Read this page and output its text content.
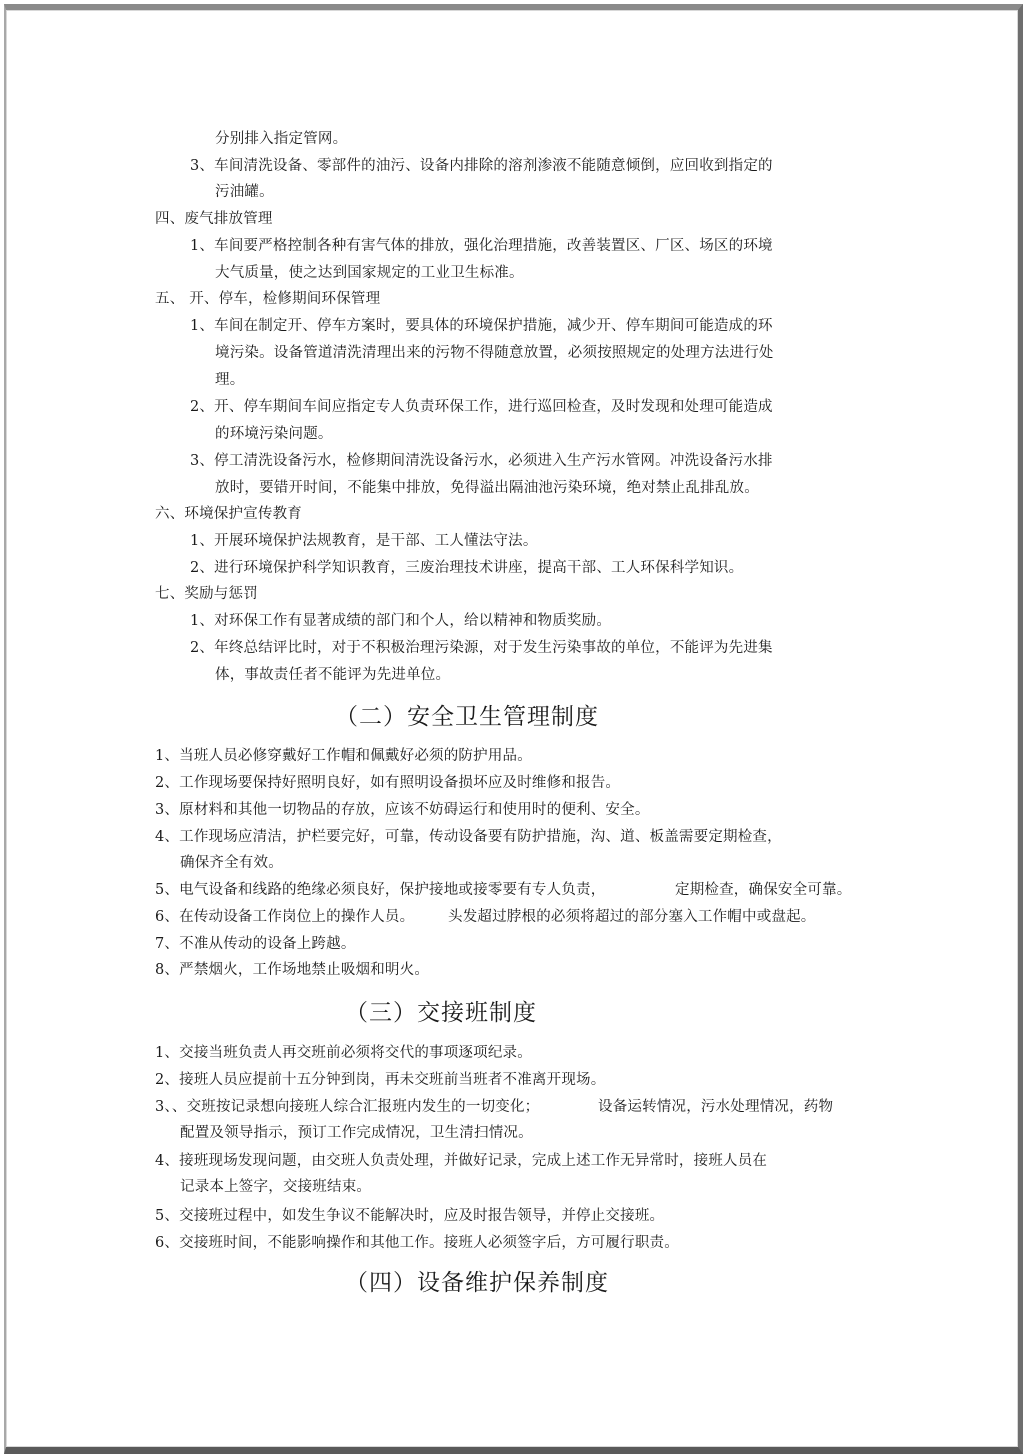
分别排入指定管网。
3、车间清洗设备、零部件的油污、设备内排除的溶剂渗液不能随意倾倒，应回收到指定的
污油罐。
四、废气排放管理
1、车间要严格控制各种有害气体的排放，强化治理措施，改善装置区、厂区、场区的环境
大气质量，使之达到国家规定的工业卫生标准。
五、 开、停车，检修期间环保管理
1、车间在制定开、停车方案时，要具体的环境保护措施，减少开、停车期间可能造成的环
境污染。设备管道清洗清理出来的污物不得随意放置，必须按照规定的处理方法进行处
理。
2、开、停车期间车间应指定专人负责环保工作，进行巡回检查，及时发现和处理可能造成
的环境污染问题。
3、停工清洗设备污水，检修期间清洗设备污水，必须进入生产污水管网。冲洗设备污水排
放时，要错开时间，不能集中排放，免得溢出隔油池污染环境，绝对禁止乱排乱放。
六、环境保护宣传教育
1、开展环境保护法规教育，是干部、工人懂法守法。
2、进行环境保护科学知识教育，三废治理技术讲座，提高干部、工人环保科学知识。
七、奖励与惩罚
1、对环保工作有显著成绩的部门和个人，给以精神和物质奖励。
2、年终总结评比时，对于不积极治理污染源，对于发生污染事故的单位，不能评为先进集
体，事故责任者不能评为先进单位。
（二）安全卫生管理制度
1、当班人员必修穿戴好工作帽和佩戴好必须的防护用品。
2、工作现场要保持好照明良好，如有照明设备损坏应及时维修和报告。
3、原材料和其他一切物品的存放，应该不妨碍运行和使用时的便利、安全。
4、工作现场应清洁，护栏要完好，可靠，传动设备要有防护措施，沟、道、板盖需要定期检查，
确保齐全有效。
5、电气设备和线路的绝缘必须良好，保护接地或接零要有专人负责，	定期检查，确保安全可靠。
6、在传动设备工作岗位上的操作人员。 头发超过脖根的必须将超过的部分塞入工作帽中或盘起。
7、不准从传动的设备上跨越。
8、严禁烟火，工作场地禁止吸烟和明火。
（三）交接班制度
1、交接当班负责人再交班前必须将交代的事项逐项纪录。
2、接班人员应提前十五分钟到岗，再未交班前当班者不准离开现场。
3、、交班按记录想向接班人综合汇报班内发生的一切变化；	设备运转情况，污水处理情况，药物
配置及领导指示，预订工作完成情况，卫生清扫情况。
4、接班现场发现问题，由交班人负责处理，并做好记录，完成上述工作无异常时，接班人员在
记录本上签字，交接班结束。
5、交接班过程中，如发生争议不能解决时，应及时报告领导，并停止交接班。
6、交接班时间，不能影响操作和其他工作。接班人必须签字后，方可履行职责。
（四）设备维护保养制度
